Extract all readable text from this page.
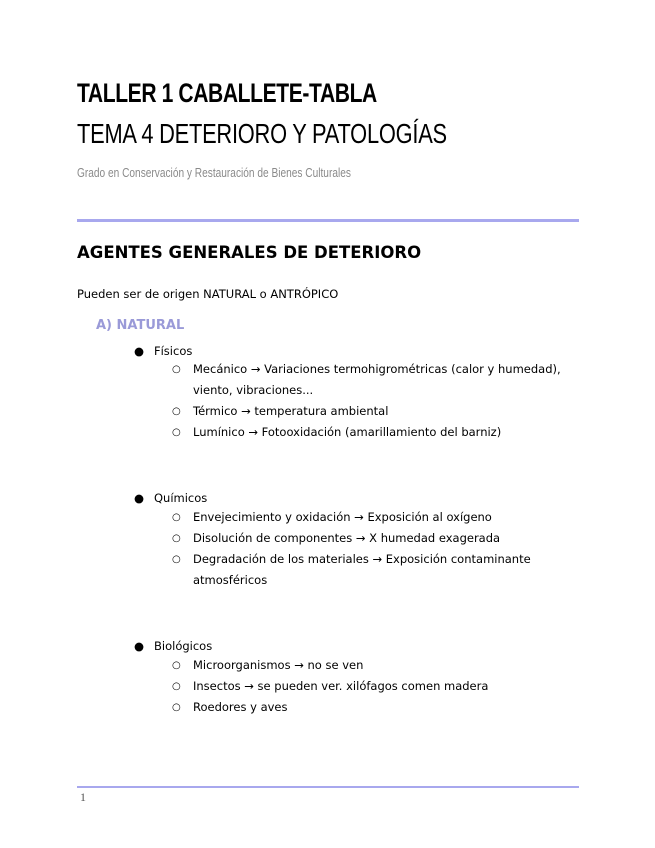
TALLER 1 CABALLETE-TABLA
TEMA 4 DETERIORO Y PATOLOGÍAS
Grado en Conservación y Restauración de Bienes Culturales
AGENTES GENERALES DE DETERIORO
Pueden ser de origen NATURAL o ANTRÓPICO
A) NATURAL
● Físicos
○ Mecánico → Variaciones termohigrométricas (calor y humedad), viento, vibraciones...
○ Térmico → temperatura ambiental
○ Lumínico → Fotooxidación (amarillamiento del barniz)
● Químicos
○ Envejecimiento y oxidación → Exposición al oxígeno
○ Disolución de componentes → X humedad exagerada
○ Degradación de los materiales → Exposición contaminante atmosféricos
● Biológicos
○ Microorganismos → no se ven
○ Insectos → se pueden ver. xilófagos comen madera
○ Roedores y aves
1
